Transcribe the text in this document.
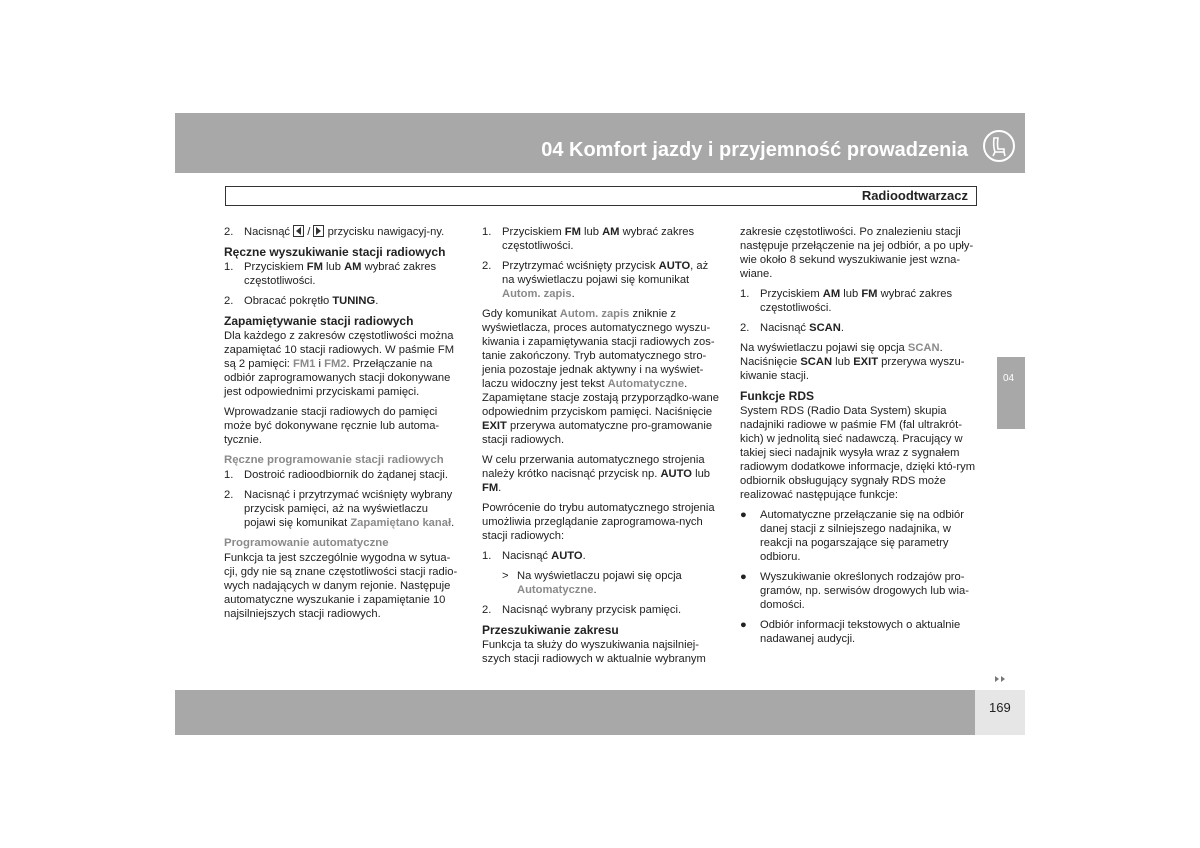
04 Komfort jazdy i przyjemność prowadzenia
Radioodtwarzacz
2. Nacisnąć
/
przycisku nawigacyj-ny.
Ręczne wyszukiwanie stacji radiowych
1. Przyciskiem FM lub AM wybrać zakres częstotliwości.
2. Obracać pokrętło TUNING.
Zapamiętywanie stacji radiowych

Dla każdego z zakresów częstotliwości można zapamiętać 10 stacji radiowych. W paśmie FM są 2 pamięci: FM1 i FM2. Przełączanie na odbiór zaprogramowanych stacji dokonywane jest odpowiednimi przyciskami pamięci.

Wprowadzanie stacji radiowych do pamięci może być dokonywane ręcznie lub automa-tycznie.

Ręczne programowanie stacji radiowych
1. Dostroić radioodbiornik do żądanej stacji.
2. Nacisnąć i przytrzymać wciśnięty wybrany przycisk pamięci, aż na wyświetlaczu pojawi się komunikat Zapamiętano kanał.
Programowanie automatyczne

Funkcja ta jest szczególnie wygodna w sytua-cji, gdy nie są znane częstotliwości stacji radio-wych nadających w danym rejonie. Następuje automatyczne wyszukanie i zapamiętanie 10 najsilniejszych stacji radiowych.

1. Przyciskiem FM lub AM wybrać zakres częstotliwości.
2. Przytrzymać wciśnięty przycisk AUTO, aż na wyświetlaczu pojawi się komunikat Autom. zapis.

Gdy komunikat Autom. zapis zniknie z wyświetlacza, proces automatycznego wyszu-kiwania i zapamiętywania stacji radiowych zos-tanie zakończony. Tryb automatycznego stro-jenia pozostaje jednak aktywny i na wyświet-laczu widoczny jest tekst Automatyczne. Zapamiętane stacje zostają przyporządko-wane odpowiednim przyciskom pamięci. Naciśnięcie EXIT przerywa automatyczne pro-gramowanie stacji radiowych.

W celu przerwania automatycznego strojenia należy krótko nacisnąć przycisk np. AUTO lub FM.

Powrócenie do trybu automatycznego strojenia umożliwia przeglądanie zaprogramowa-nych stacji radiowych:

1. Nacisnąć AUTO.
> Na wyświetlaczu pojawi się opcja Automatyczne.
2. Nacisnąć wybrany przycisk pamięci.
Przeszukiwanie zakresu

Funkcja ta służy do wyszukiwania najsilniej-szych stacji radiowych w aktualnie wybranym

zakresie częstotliwości. Po znalezieniu stacji następuje przełączenie na jej odbiór, a po upły-wie około 8 sekund wyszukiwanie jest wzna-wiane.

1. Przyciskiem AM lub FM wybrać zakres częstotliwości.
2. Nacisnąć SCAN.

Na wyświetlaczu pojawi się opcja SCAN. Naciśnięcie SCAN lub EXIT przerywa wyszu-kiwanie stacji.

Funkcje RDS

System RDS (Radio Data System) skupia nadajniki radiowe w paśmie FM (fal ultrakrót-kich) w jednolitą sieć nadawczą. Pracujący w takiej sieci nadajnik wysyła wraz z sygnałem radiowym dodatkowe informacje, dzięki któ-rym odbiornik obsługujący sygnały RDS może realizować następujące funkcje:

● Automatyczne przełączanie się na odbiór danej stacji z silniejszego nadajnika, w reakcji na pogarszające się parametry odbioru.
● Wyszukiwanie określonych rodzajów pro-gramów, np. serwisów drogowych lub wia-domości.
● Odbiór informacji tekstowych o aktualnie nadawanej audycji.
04
169
